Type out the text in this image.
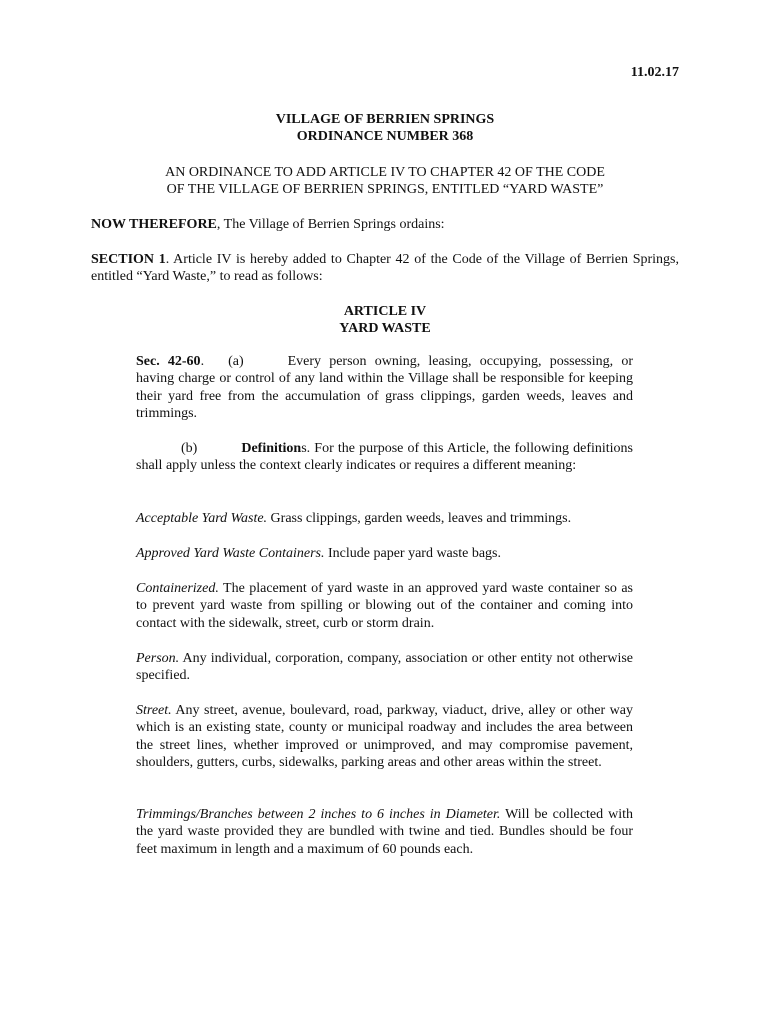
11.02.17
VILLAGE OF BERRIEN SPRINGS
ORDINANCE NUMBER 368
AN ORDINANCE TO ADD ARTICLE IV TO CHAPTER 42 OF THE CODE
OF THE VILLAGE OF BERRIEN SPRINGS, ENTITLED “YARD WASTE”
NOW THEREFORE, The Village of Berrien Springs ordains:
SECTION 1. Article IV is hereby added to Chapter 42 of the Code of the Village of Berrien Springs, entitled “Yard Waste,” to read as follows:
ARTICLE IV
YARD WASTE
Sec. 42-60. (a)	Every person owning, leasing, occupying, possessing, or having charge or control of any land within the Village shall be responsible for keeping their yard free from the accumulation of grass clippings, garden weeds, leaves and trimmings.
(b)	Definitions. For the purpose of this Article, the following definitions shall apply unless the context clearly indicates or requires a different meaning:
Acceptable Yard Waste. Grass clippings, garden weeds, leaves and trimmings.
Approved Yard Waste Containers. Include paper yard waste bags.
Containerized. The placement of yard waste in an approved yard waste container so as to prevent yard waste from spilling or blowing out of the container and coming into contact with the sidewalk, street, curb or storm drain.
Person. Any individual, corporation, company, association or other entity not otherwise specified.
Street. Any street, avenue, boulevard, road, parkway, viaduct, drive, alley or other way which is an existing state, county or municipal roadway and includes the area between the street lines, whether improved or unimproved, and may compromise pavement, shoulders, gutters, curbs, sidewalks, parking areas and other areas within the street.
Trimmings/Branches between 2 inches to 6 inches in Diameter. Will be collected with the yard waste provided they are bundled with twine and tied. Bundles should be four feet maximum in length and a maximum of 60 pounds each.
